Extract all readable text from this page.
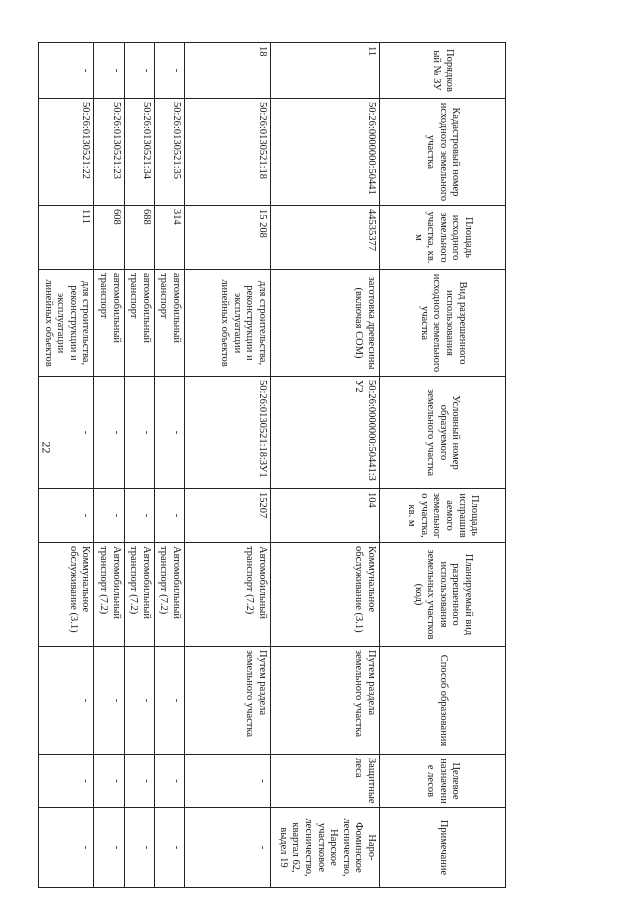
22
Порядковый № ЗУ	Кадастровый номер исходного земельного участка	Площадь исходного земельного участка, кв. м	Вид разрешенного использования исходного земельного участка	Условный номер образуемого земельного участка	Площадь испрашиваемого земельного участка, кв. м	Планируемый вид разрешенного использования земельных участков (код)	Способ образования	Целевое назначение лесов	Примечание
11	50:26:0000000:50441	44535377	заготовка древесины (включая СОМ)	50:26:0000000:50441:ЗУ2	104	Коммунальное обслуживание (3.1)	Путем раздела земельного участка	Защитные леса	Наро-Фоминское лесничество, Нарское участковое лесничество, квартал 62, выдел 19
18	50:26:0130521:18	15 208	для строительства, реконструкции и эксплуатации линейных объектов	50:26:0130521:18:ЗУ1	15207	Автомобильный транспорт (7.2)	Путем раздела земельного участка	-	-
-	50:26:0130521:35	314	автомобильный транспорт	-	-	Автомобильный транспорт (7.2)	-	-	-
-	50:26:0130521:34	688	автомобильный транспорт	-	-	Автомобильный транспорт (7.2)	-	-	-
-	50:26:0130521:23	608	автомобильный транспорт	-	-	Автомобильный транспорт (7.2)	-	-	-
-	50:26:0130521:22	111	для строительства, реконструкции и эксплуатации линейных объектов	-	-	Коммунальное обслуживание (3.1)	-	-	-
